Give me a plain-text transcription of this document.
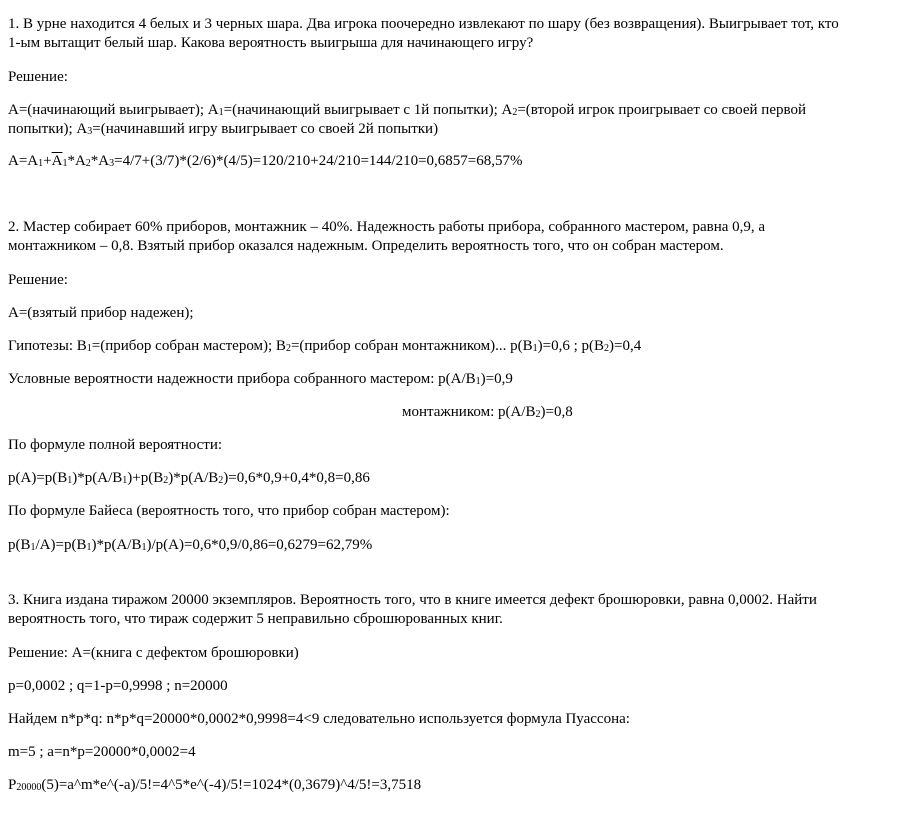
1. В урне находится 4 белых и 3 черных шара. Два игрока поочередно извлекают по шару (без возвращения). Выигрывает тот, кто
1-ым вытащит белый шар. Какова вероятность выигрыша для начинающего игру?
Решение:
А=(начинающий выигрывает); $А_1=(начинающий$ выигрывает с 1й попытки); $А_2=(второй$ игрок проигрывает со своей первой
попытки); $А_3=(начинавший$ игру выигрывает со своей 2й попытки)
$А=А_1+А_1*А_2*А_3=4/7+(3/7)*(2/6)*(4/5)=120/210+24/210=144/210=0,6857=68,57\%$
2. Мастер собирает 60% приборов, монтажник – 40%. Надежность работы прибора, собранного мастером, равна 0,9, а
монтажником – 0,8. Взятый прибор оказался надежным. Определить вероятность того, что он собран мастером.
Решение:
А=(взятый прибор надежен);
Гипотезы: $В_1=(прибор$ собран мастером); $В_2=(прибор$ собран монтажником)... $p(B_1)=0,6$ ; $p(B_2)=0,4$
Условные вероятности надежности прибора собранного мастером: $p(A/B_1)=0,9$
монтажником: $p(A/B_2)=0,8$
По формуле полной вероятности:
$p(A)=p(B_1)*p(A/B_1)+p(B_2)*p(A/B_2)=0,6*0,9+0,4*0,8=0,86$
По формуле Байеса (вероятность того, что прибор собран мастером):
$p(B_1/A)=p(B_1)*p(A/B_1)/p(A)=0,6*0,9/0,86=0,6279=62,79\%$
3. Книга издана тиражом 20000 экземпляров. Вероятность того, что в книге имеется дефект брошюровки, равна 0,0002. Найти
вероятность того, что тираж содержит 5 неправильно сброшюрованных книг.
Решение: А=(книга с дефектом брошюровки)
p=0,0002 ; q=1-p=0,9998 ; n=20000
Найдем n*p*q: n*p*q=20000*0,0002*0,9998=4<9 следовательно используется формула Пуассона:
m=5 ; a=n*p=20000*0,0002=4
$P_{20000}(5)=a\^{}m*e\^{}(-a)/5!=4\^{}5*e\^{}(-4)/5!=1024*(0,3679)\^{}4/5!=3,7518$
